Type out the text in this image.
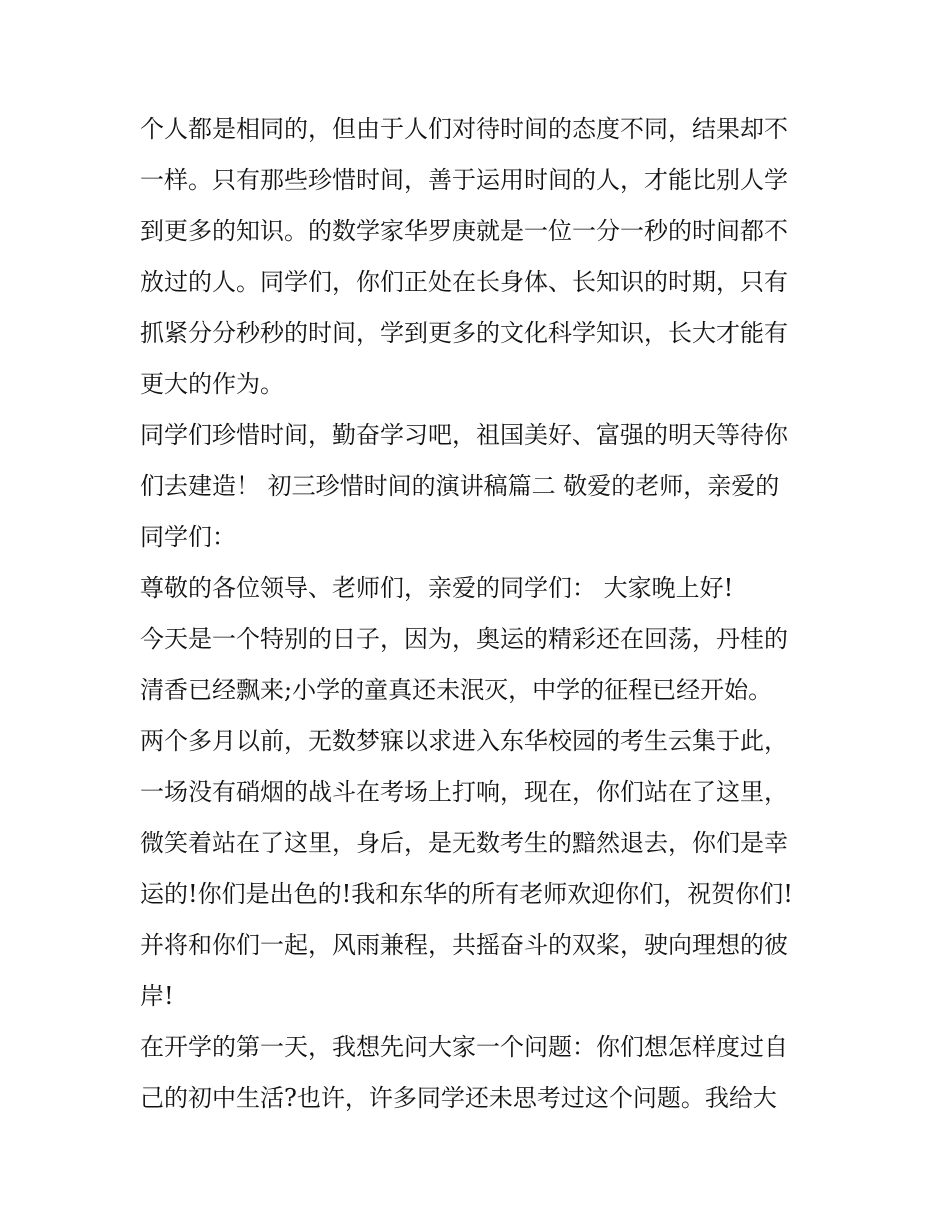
个人都是相同的，但由于人们对待时间的态度不同，结果却不
一样。只有那些珍惜时间，善于运用时间的人，才能比别人学
到更多的知识。的数学家华罗庚就是一位一分一秒的时间都不
放过的人。同学们，你们正处在长身体、长知识的时期，只有
抓紧分分秒秒的时间，学到更多的文化科学知识，长大才能有
更大的作为。
同学们珍惜时间，勤奋学习吧，祖国美好、富强的明天等待你
们去建造！ 初三珍惜时间的演讲稿篇二 敬爱的老师，亲爱的
同学们：
尊敬的各位领导、老师们，亲爱的同学们： 大家晚上好!
今天是一个特别的日子，因为，奥运的精彩还在回荡，丹桂的
清香已经飘来;小学的童真还未泯灭，中学的征程已经开始。
两个多月以前，无数梦寐以求进入东华校园的考生云集于此，
一场没有硝烟的战斗在考场上打响，现在，你们站在了这里，
微笑着站在了这里，身后，是无数考生的黯然退去，你们是幸
运的!你们是出色的!我和东华的所有老师欢迎你们，祝贺你们!
并将和你们一起，风雨兼程，共摇奋斗的双桨，驶向理想的彼
岸!
在开学的第一天，我想先问大家一个问题：你们想怎样度过自
己的初中生活?也许，许多同学还未思考过这个问题。我给大
